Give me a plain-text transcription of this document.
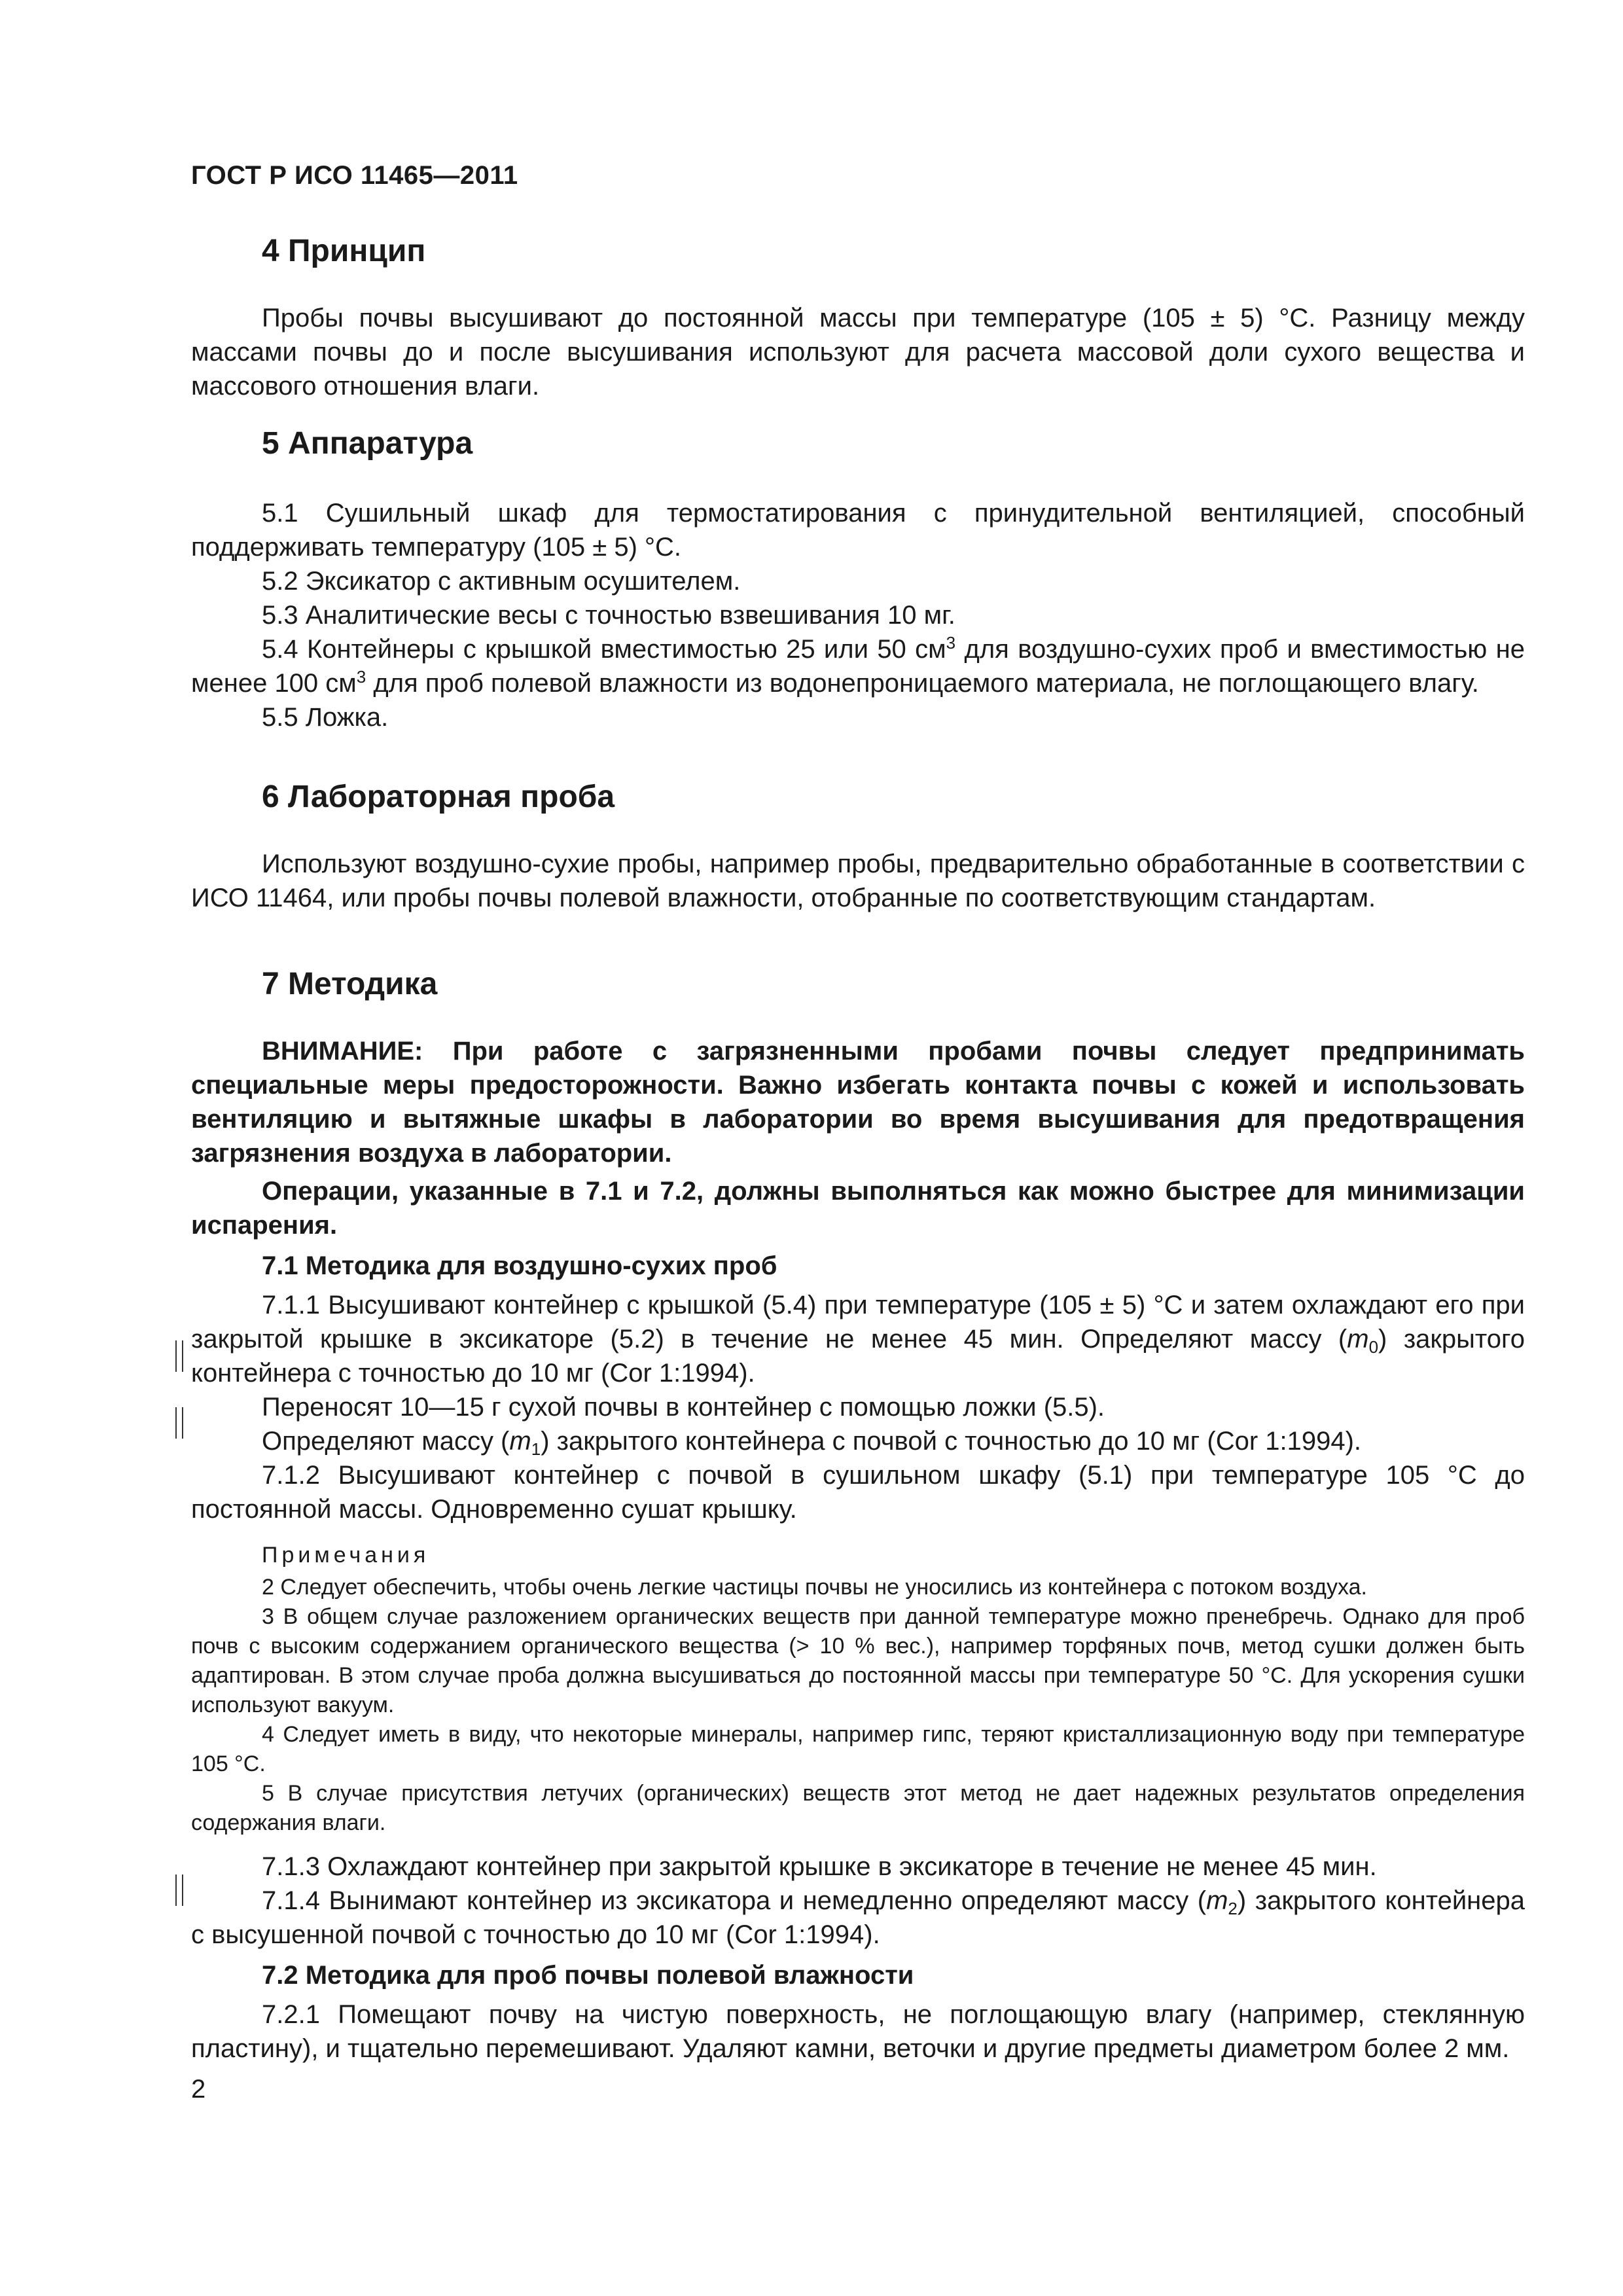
ГОСТ Р ИСО 11465—2011
4 Принцип

Пробы почвы высушивают до постоянной массы при температуре (105 ± 5) °С. Разницу между массами почвы до и после высушивания используют для расчета массовой доли сухого вещества и массового отношения влаги.

5 Аппаратура

5.1 Сушильный шкаф для термостатирования с принудительной вентиляцией, способный поддерживать температуру (105 ± 5) °С.

5.2 Эксикатор с активным осушителем.

5.3 Аналитические весы с точностью взвешивания 10 мг.

5.4 Контейнеры с крышкой вместимостью 25 или 50 $см^3$ для воздушно-сухих проб и вместимостью не менее 100 $см^3$ для проб полевой влажности из водонепроницаемого материала, не поглощающего влагу.

5.5 Ложка.

6 Лабораторная проба

Используют воздушно-сухие пробы, например пробы, предварительно обработанные в соответствии с ИСО 11464, или пробы почвы полевой влажности, отобранные по соответствующим стандартам.

7 Методика

ВНИМАНИЕ: При работе с загрязненными пробами почвы следует предпринимать специальные меры предосторожности. Важно избегать контакта почвы с кожей и использовать вентиляцию и вытяжные шкафы в лаборатории во время высушивания для предотвращения загрязнения воздуха в лаборатории.

Операции, указанные в 7.1 и 7.2, должны выполняться как можно быстрее для минимизации испарения.

7.1 Методика для воздушно-сухих проб

7.1.1 Высушивают контейнер с крышкой (5.4) при температуре (105 ± 5) °С и затем охлаждают его при закрытой крышке в эксикаторе (5.2) в течение не менее 45 мин. Определяют массу $(m_0)$ закрытого контейнера с точностью до 10 мг (Cor 1:1994).

Переносят 10—15 г сухой почвы в контейнер с помощью ложки (5.5).

Определяют массу $(m_1)$ закрытого контейнера с почвой с точностью до 10 мг (Cor 1:1994).

7.1.2 Высушивают контейнер с почвой в сушильном шкафу (5.1) при температуре 105 °С до постоянной массы. Одновременно сушат крышку.

Примечания

2 Следует обеспечить, чтобы очень легкие частицы почвы не уносились из контейнера с потоком воздуха.

3 В общем случае разложением органических веществ при данной температуре можно пренебречь. Однако для проб почв с высоким содержанием органического вещества (> 10 % вес.), например торфяных почв, метод сушки должен быть адаптирован. В этом случае проба должна высушиваться до постоянной массы при температуре 50 °С. Для ускорения сушки используют вакуум.

4 Следует иметь в виду, что некоторые минералы, например гипс, теряют кристаллизационную воду при температуре 105 °С.

5 В случае присутствия летучих (органических) веществ этот метод не дает надежных результатов определения содержания влаги.

7.1.3 Охлаждают контейнер при закрытой крышке в эксикаторе в течение не менее 45 мин.

7.1.4 Вынимают контейнер из эксикатора и немедленно определяют массу $(m_2)$ закрытого контейнера с высушенной почвой с точностью до 10 мг (Cor 1:1994).

7.2 Методика для проб почвы полевой влажности

7.2.1 Помещают почву на чистую поверхность, не поглощающую влагу (например, стеклянную пластину), и тщательно перемешивают. Удаляют камни, веточки и другие предметы диаметром более 2 мм.

2
